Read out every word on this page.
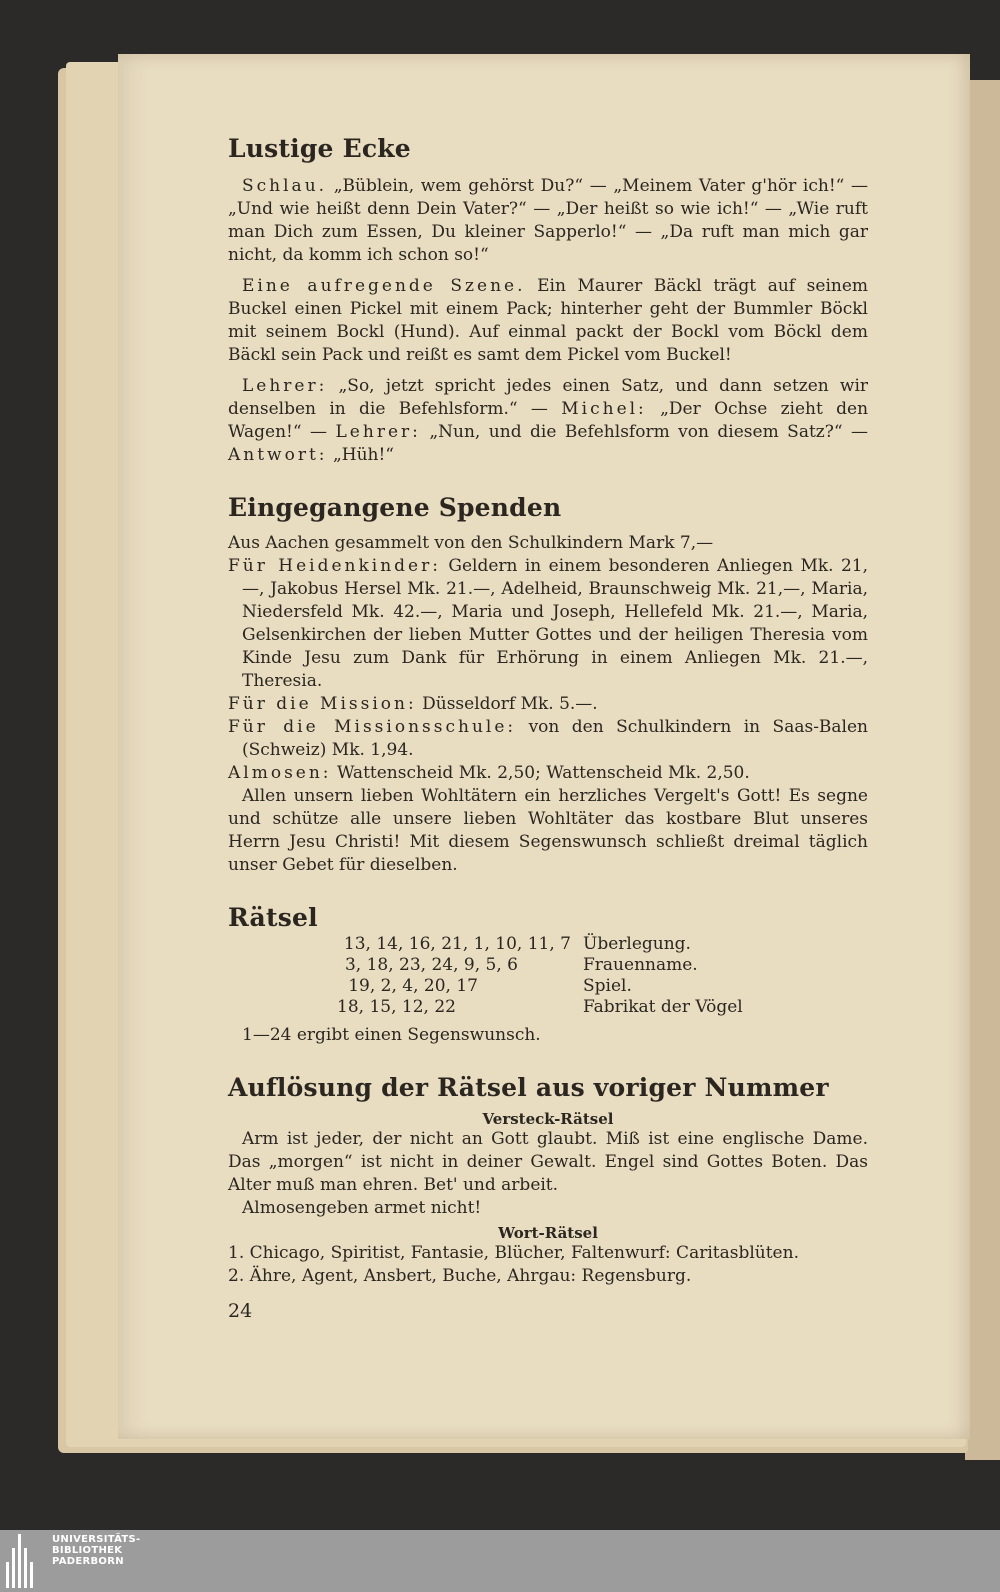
Lustige Ecke

Schlau. „Büblein, wem gehörst Du?“ — „Meinem Vater g'hör ich!“ — „Und wie heißt denn Dein Vater?“ — „Der heißt so wie ich!“ — „Wie ruft man Dich zum Essen, Du kleiner Sapperlo!“ — „Da ruft man mich gar nicht, da komm ich schon so!“

Eine aufregende Szene. Ein Maurer Bäckl trägt auf seinem Buckel einen Pickel mit einem Pack; hinterher geht der Bummler Böckl mit seinem Bockl (Hund). Auf einmal packt der Bockl vom Böckl dem Bäckl sein Pack und reißt es samt dem Pickel vom Buckel!

Lehrer: „So, jetzt spricht jedes einen Satz, und dann setzen wir denselben in die Befehlsform.“ — Michel: „Der Ochse zieht den Wagen!“ — Lehrer: „Nun, und die Befehlsform von diesem Satz?“ — Antwort: „Hüh!“

Eingegangene Spenden

Aus Aachen gesammelt von den Schulkindern Mark 7,—

Für Heidenkinder: Geldern in einem besonderen Anliegen Mk. 21,—, Jakobus Hersel Mk. 21.—, Adelheid, Braunschweig Mk. 21,—, Maria, Niedersfeld Mk. 42.—, Maria und Joseph, Hellefeld Mk. 21.—, Maria, Gelsenkirchen der lieben Mutter Gottes und der heiligen Theresia vom Kinde Jesu zum Dank für Erhörung in einem Anliegen Mk. 21.—, Theresia.

Für die Mission: Düsseldorf Mk. 5.—.

Für die Missionsschule: von den Schulkindern in Saas-Balen (Schweiz) Mk. 1,94.

Almosen: Wattenscheid Mk. 2,50; Wattenscheid Mk. 2,50.

Allen unsern lieben Wohltätern ein herzliches Vergelt's Gott! Es segne und schütze alle unsere lieben Wohltäter das kostbare Blut unseres Herrn Jesu Christi! Mit diesem Segenswunsch schließt dreimal täglich unser Gebet für dieselben.

Rätsel
13, 14, 16, 21, 1, 10, 11, 7 Überlegung.
3, 18, 23, 24, 9, 5, 6	Frauenname.
19, 2, 4, 20, 17	Spiel.
18, 15, 12, 22	Fabrikat der Vögel

1—24 ergibt einen Segenswunsch.

Auflösung der Rätsel aus voriger Nummer
Versteck-Rätsel

Arm ist jeder, der nicht an Gott glaubt. Miß ist eine englische Dame. Das „morgen“ ist nicht in deiner Gewalt. Engel sind Gottes Boten. Das Alter muß man ehren. Bet' und arbeit.

Almosengeben armet nicht!

Wort-Rätsel

1. Chicago, Spiritist, Fantasie, Blücher, Faltenwurf: Caritasblüten.

2. Ähre, Agent, Ansbert, Buche, Ahrgau: Regensburg.

24
UNIVERSITÄTS-
BIBLIOTHEK
PADERBORN
